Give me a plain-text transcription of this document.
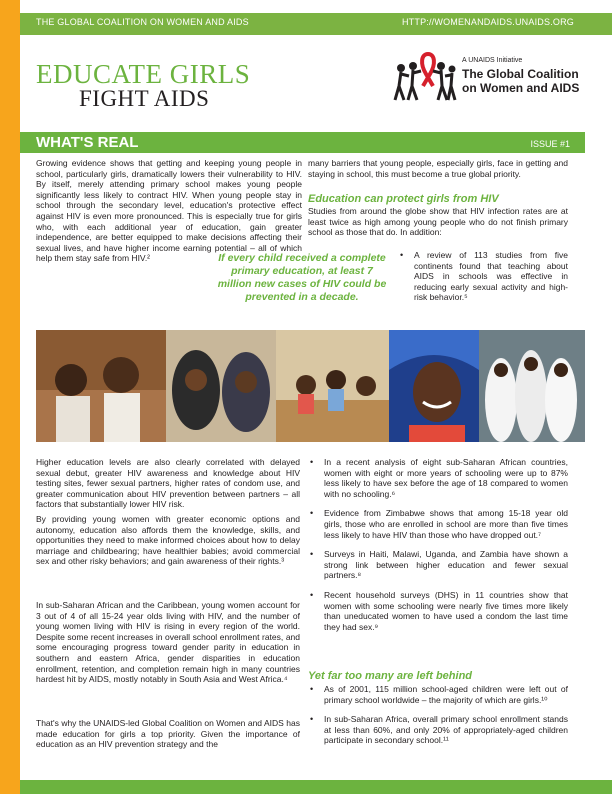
THE GLOBAL COALITION ON WOMEN AND AIDS	HTTP://WOMENANDAIDS.UNAIDS.ORG
EDUCATE GIRLS
FIGHT AIDS
A UNAIDS Initiative
The Global Coalition
on Women and AIDS
WHAT'S REAL	ISSUE #1
Growing evidence shows that getting and keeping young people in school, particularly girls, dramatically lowers their vulnerability to HIV. By itself, merely attending primary school makes young people significantly less likely to contract HIV. When young people stay in school through the secondary level, education's protective effect against HIV is even more pronounced. This is especially true for girls who, with each additional year of education, gain greater independence, are better equipped to make decisions affecting their sexual lives, and have higher income earning potential – all of which help them stay safe from HIV.²
many barriers that young people, especially girls, face in getting and staying in school, this must become a true global priority.
Education can protect girls from HIV
Studies from around the globe show that HIV infection rates are at least twice as high among young people who do not finish primary school as those that do. In addition:
If every child received a complete primary education, at least 7 million new cases of HIV could be prevented in a decade.
• A review of 113 studies from five continents found that teaching about AIDS in schools was effective in reducing early sexual activity and high-risk behavior.⁵
Higher education levels are also clearly correlated with delayed sexual debut, greater HIV awareness and knowledge about HIV testing sites, fewer sexual partners, higher rates of condom use, and greater communication about HIV prevention between partners – all factors that substantially lower HIV risk.
By providing young women with greater economic options and autonomy, education also affords them the knowledge, skills, and opportunities they need to make informed choices about how to delay marriage and childbearing; have healthier babies; avoid commercial sex and other risky behaviors; and gain awareness of their rights.³
In sub-Saharan African and the Caribbean, young women account for 3 out of 4 of all 15-24 year olds living with HIV, and the number of young women living with HIV is rising in every region of the world. Despite some recent increases in overall school enrollment rates, and some encouraging progress toward gender parity in education in southern and eastern Africa, gender disparities in education enrollment, retention, and completion remain high in many countries hardest hit by AIDS, mostly notably in South Asia and West Africa.⁴
That's why the UNAIDS-led Global Coalition on Women and AIDS has made education for girls a top priority. Given the importance of education as an HIV prevention strategy and the
• In a recent analysis of eight sub-Saharan African countries, women with eight or more years of schooling were up to 87% less likely to have sex before the age of 18 compared to women with no schooling.⁶
• Evidence from Zimbabwe shows that among 15-18 year old girls, those who are enrolled in school are more than five times less likely to have HIV than those who have dropped out.⁷
• Surveys in Haiti, Malawi, Uganda, and Zambia have shown a strong link between higher education and fewer sexual partners.⁸
• Recent household surveys (DHS) in 11 countries show that women with some schooling were nearly five times more likely than uneducated women to have used a condom the last time they had sex.⁹
Yet far too many are left behind
• As of 2001, 115 million school-aged children were left out of primary school worldwide – the majority of which are girls.¹⁰
• In sub-Saharan Africa, overall primary school enrollment stands at less than 60%, and only 20% of appropriately-aged children participate in secondary school.¹¹
